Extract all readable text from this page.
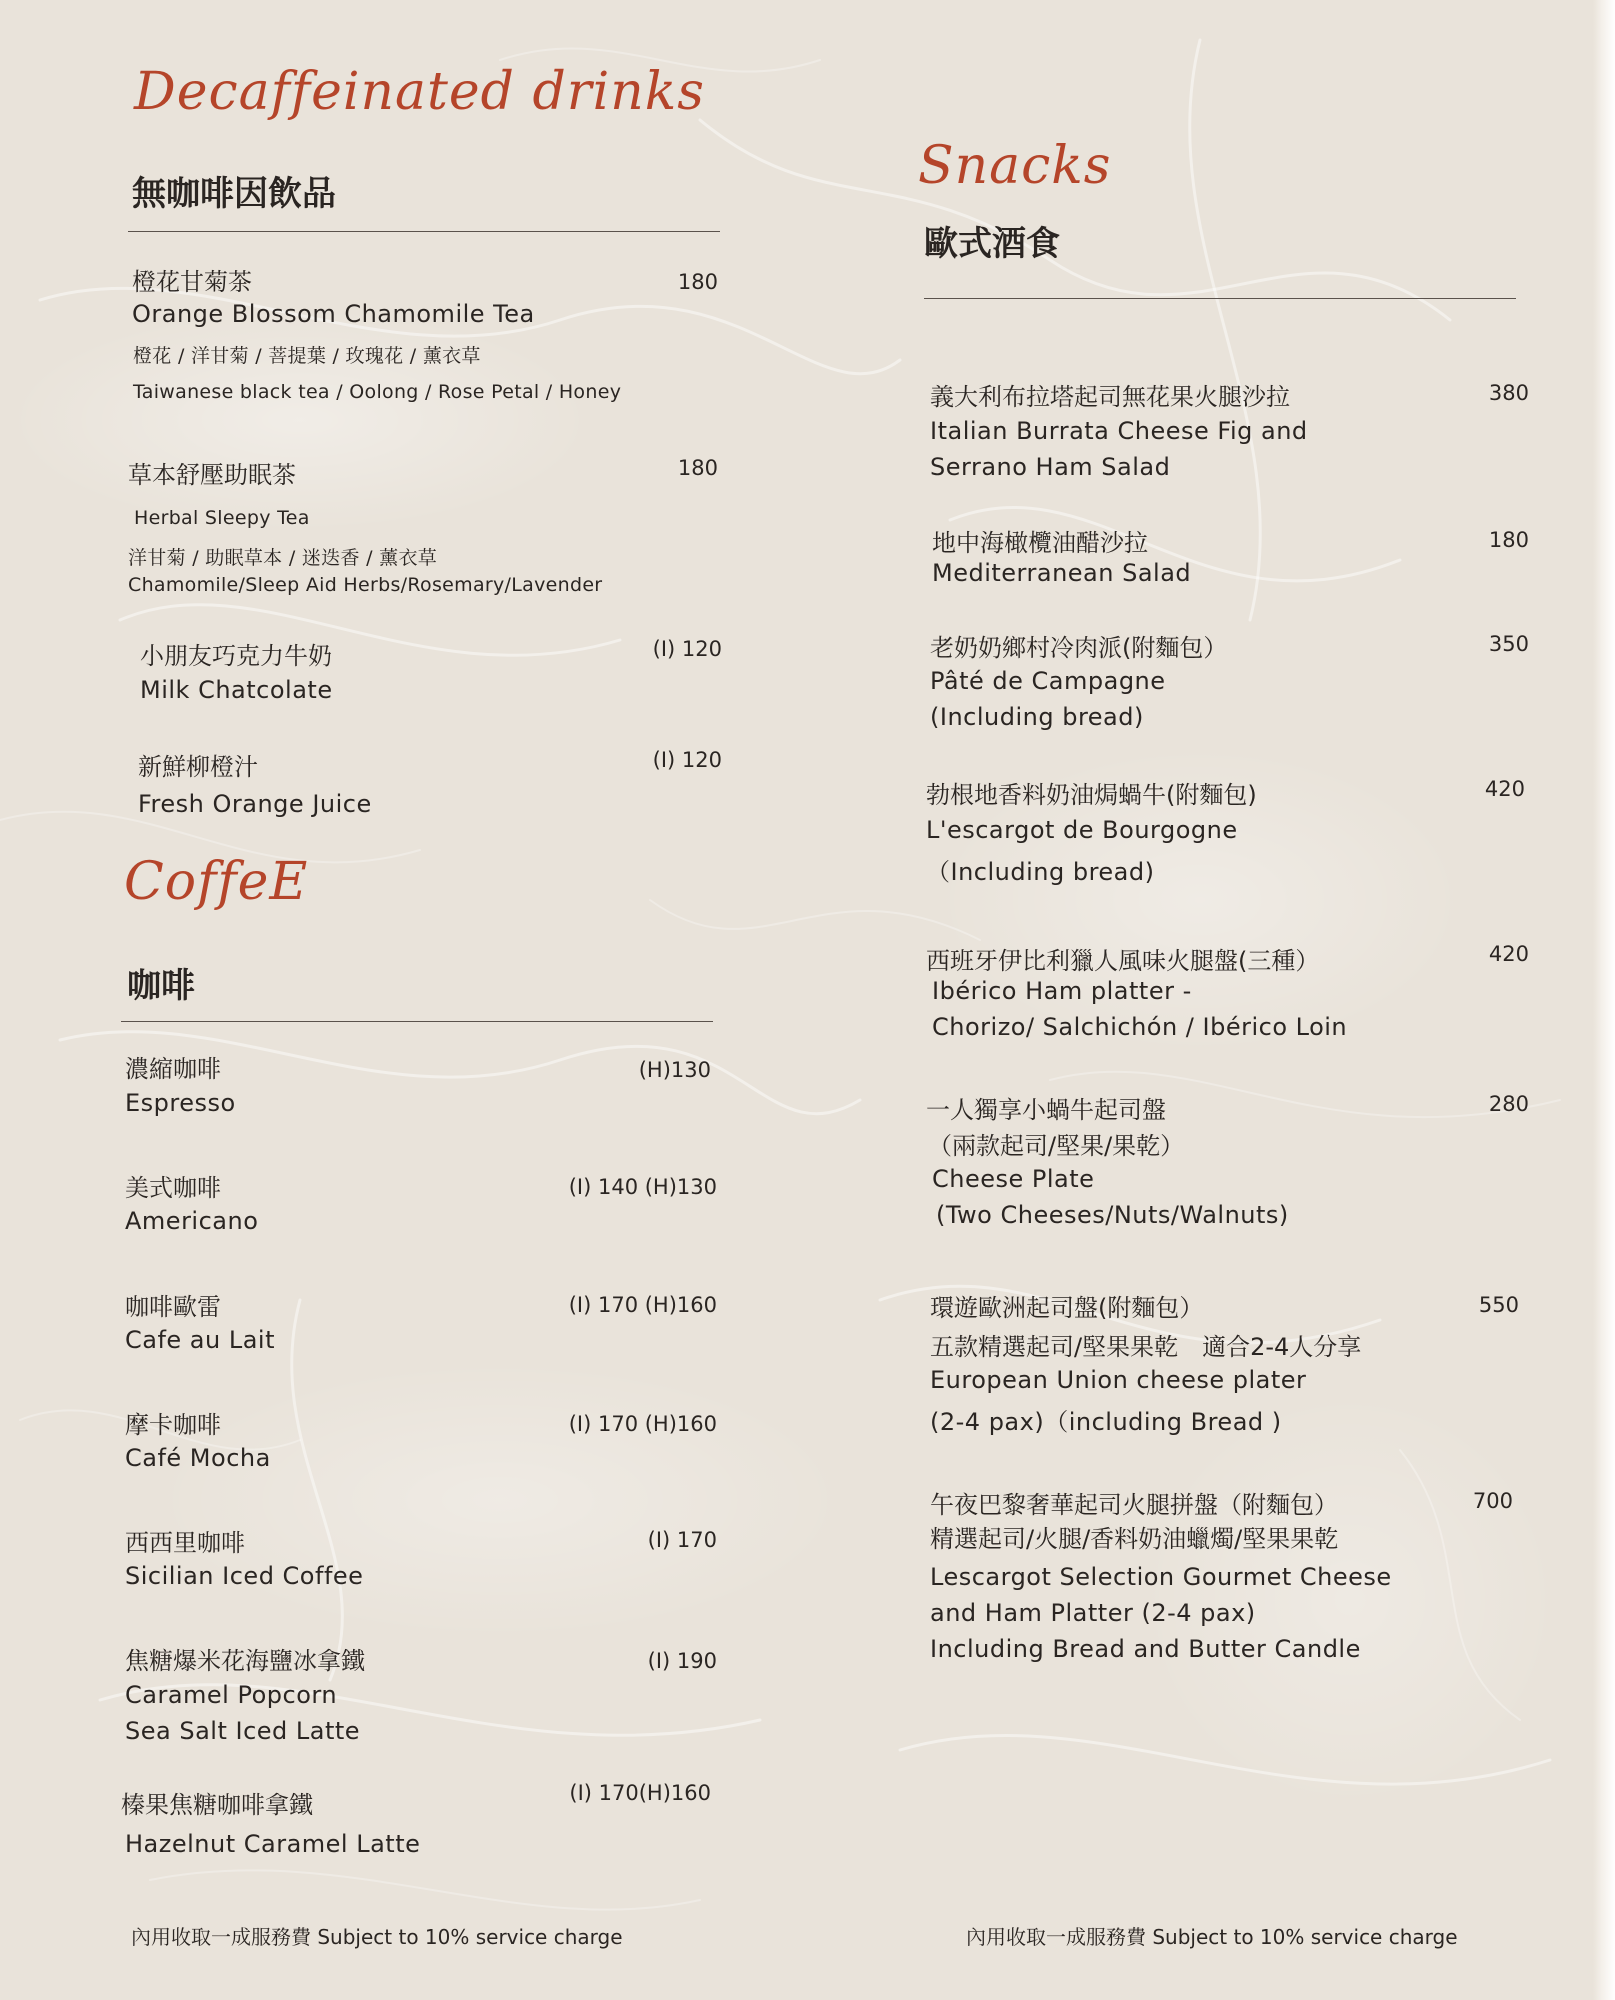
Decaffeinated drinks
無咖啡因飲品
橙花甘菊茶	180
Orange Blossom Chamomile Tea
橙花 / 洋甘菊 / 菩提葉 / 玫瑰花 / 薰衣草
Taiwanese black tea / Oolong / Rose Petal / Honey
草本舒壓助眠茶	180
Herbal Sleepy Tea
洋甘菊 / 助眠草本 / 迷迭香 / 薰衣草
Chamomile/Sleep Aid Herbs/Rosemary/Lavender
小朋友巧克力牛奶	(I) 120
Milk Chatcolate
新鮮柳橙汁	(I) 120
Fresh Orange Juice
CoffeE
咖啡
濃縮咖啡	(H)130
Espresso
美式咖啡	(I) 140 (H)130
Americano
咖啡歐雷	(I) 170 (H)160
Cafe au Lait
摩卡咖啡	(I) 170 (H)160
Café Mocha
西西里咖啡	(I) 170
Sicilian Iced Coffee
焦糖爆米花海鹽冰拿鐵	(I) 190
Caramel Popcorn
Sea Salt Iced Latte
榛果焦糖咖啡拿鐵	(I) 170(H)160
Hazelnut Caramel Latte
Snacks
歐式酒食
義大利布拉塔起司無花果火腿沙拉	380
Italian Burrata Cheese Fig and
Serrano Ham Salad
地中海橄欖油醋沙拉	180
Mediterranean Salad
老奶奶鄉村冷肉派(附麵包）	350
Pâté de Campagne
(Including bread)
勃根地香料奶油焗蝸牛(附麵包)	420
L'escargot de Bourgogne
（Including bread)
西班牙伊比利獵人風味火腿盤(三種）	420
Ibérico Ham platter -
Chorizo/ Salchichón / Ibérico Loin
一人獨享小蝸牛起司盤	280
（兩款起司/堅果/果乾）
Cheese Plate
(Two Cheeses/Nuts/Walnuts)
環遊歐洲起司盤(附麵包）	550
五款精選起司/堅果果乾　適合2-4人分享
European Union cheese plater
(2-4 pax)（including Bread )
午夜巴黎奢華起司火腿拼盤（附麵包）	700
精選起司/火腿/香料奶油蠟燭/堅果果乾
Lescargot Selection Gourmet Cheese
and Ham Platter (2-4 pax)
Including Bread and Butter Candle
內用收取一成服務費 Subject to 10% service charge	內用收取一成服務費 Subject to 10% service charge
